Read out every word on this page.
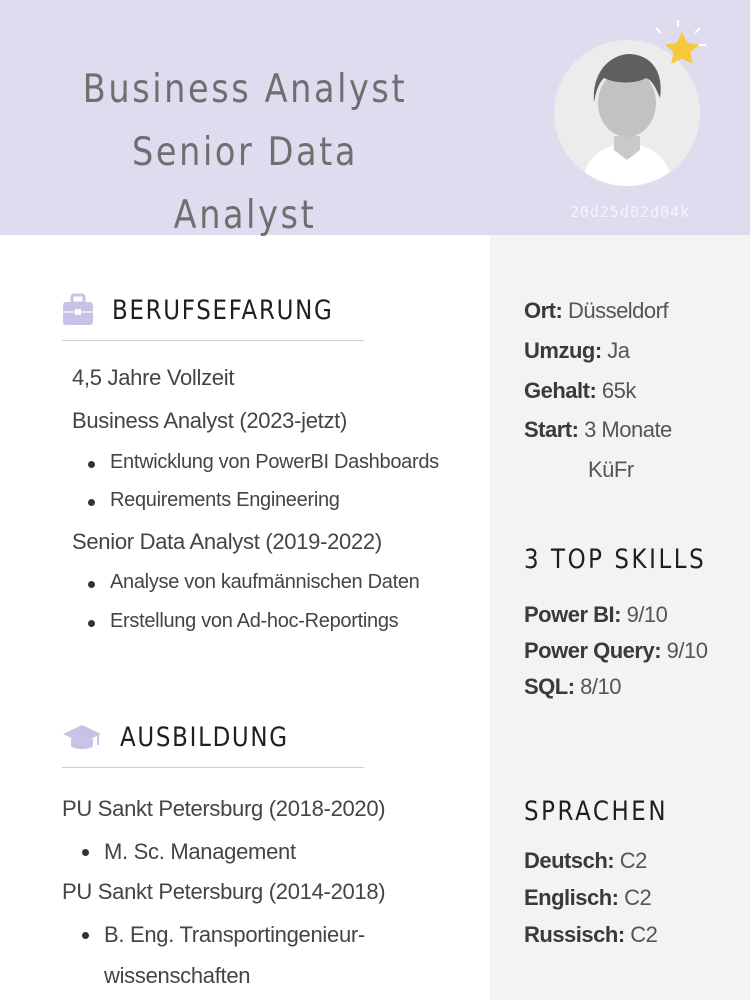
Business Analyst
Senior Data Analyst	20d25d02d04k
BERUFSEFARUNG
4,5 Jahre Vollzeit
Business Analyst (2023-jetzt)
Entwicklung von PowerBI Dashboards
Requirements Engineering
Senior Data Analyst (2019-2022)
Analyse von kaufmännischen Daten
Erstellung von Ad-hoc-Reportings
AUSBILDUNG
PU Sankt Petersburg (2018-2020)
M. Sc. Management
PU Sankt Petersburg (2014-2018)
B. Eng. Transportingenieur-
wissenschaften
Ort: Düsseldorf
Umzug: Ja
Gehalt: 65k
Start: 3 Monate
KüFr
3 TOP SKILLS
Power BI: 9/10
Power Query: 9/10
SQL: 8/10
SPRACHEN
Deutsch: C2
Englisch: C2
Russisch: C2
